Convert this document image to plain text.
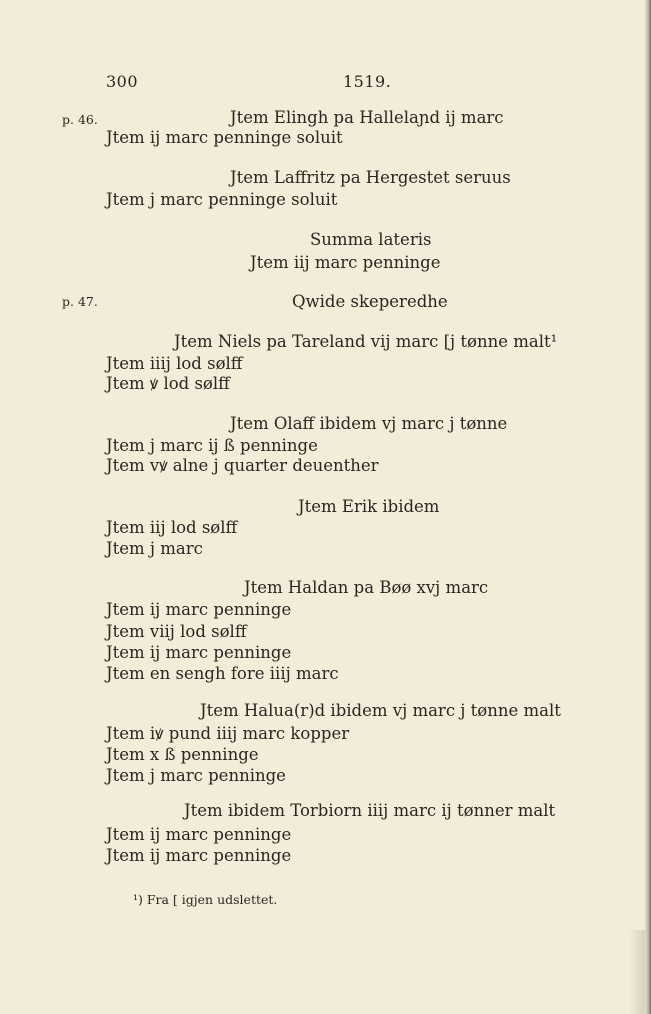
300	1519.
p. 46.
p. 47.
Jtem Elingh pa Hallelaɲd ij marc
Jtem ij marc penninge soluit
Jtem Laffritz pa Hergestet seruus
Jtem j marc penninge soluit
Summa lateris
Jtem iij marc penninge
Qwide skeperedhe
Jtem Niels pa Tareland vij marc [j tønne malt¹
Jtem iiij lod sølff
Jtem ꝟ lod sølff
Jtem Olaff ibidem vj marc j tønne
Jtem j marc ij ß penninge
Jtem vꝟ alne j quarter deuenther
Jtem Erik ibidem
Jtem iij lod sølff
Jtem j marc
Jtem Haldan pa Bøø xvj marc
Jtem ij marc penninge
Jtem viij lod sølff
Jtem ij marc penninge
Jtem en sengh fore iiij marc
Jtem Halua(r)d ibidem vj marc j tønne malt
Jtem iꝟ pund iiij marc kopper
Jtem x ß penninge
Jtem j marc penninge
Jtem ibidem Torbiorn iiij marc ij tønner malt
Jtem ij marc penninge
Jtem ij marc penninge
¹) Fra [ igjen udslettet.
